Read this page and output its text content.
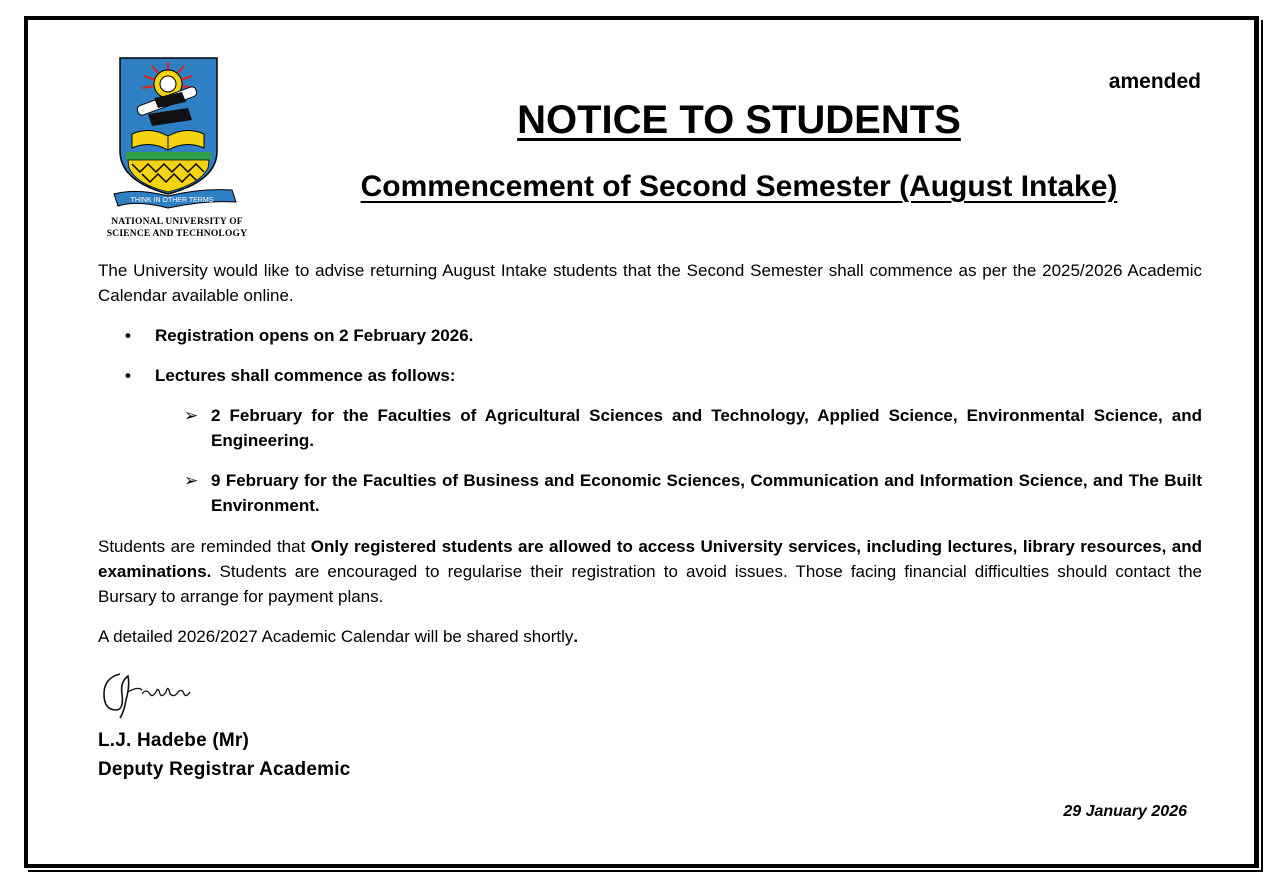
THINK IN OTHER TERMS
NATIONAL UNIVERSITY OF
SCIENCE AND TECHNOLOGY
amended
NOTICE TO STUDENTS
Commencement of Second Semester (August Intake)
The University would like to advise returning August Intake students that the Second Semester shall commence as per the 2025/2026 Academic Calendar available online.
• Registration opens on 2 February 2026.
• Lectures shall commence as follows:
➢ 2 February for the Faculties of Agricultural Sciences and Technology, Applied Science, Environmental Science, and Engineering.
➢ 9 February for the Faculties of Business and Economic Sciences, Communication and Information Science, and The Built Environment.
Students are reminded that Only registered students are allowed to access University services, including lectures, library resources, and examinations. Students are encouraged to regularise their registration to avoid issues. Those facing financial difficulties should contact the Bursary to arrange for payment plans.
A detailed 2026/2027 Academic Calendar will be shared shortly.
L.J. Hadebe (Mr)
Deputy Registrar Academic
29 January 2026
